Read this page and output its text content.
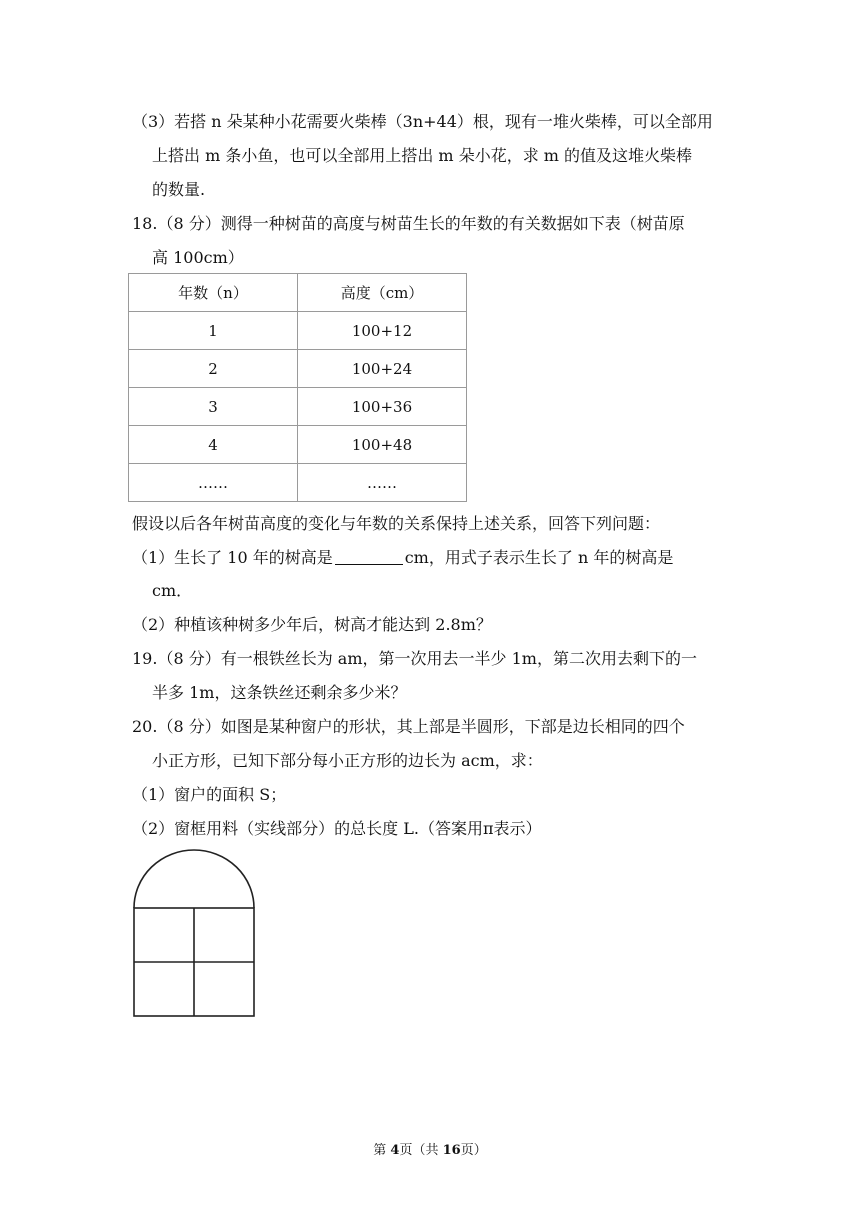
（3）若搭 n 朵某种小花需要火柴棒（3n+44）根，现有一堆火柴棒，可以全部用
上搭出 m 条小鱼，也可以全部用上搭出 m 朵小花，求 m 的值及这堆火柴棒
的数量.
18.（8 分）测得一种树苗的高度与树苗生长的年数的有关数据如下表（树苗原
高 100cm）
年数（n）	高度（cm）
1	100+12
2	100+24
3	100+36
4	100+48
……	……
假设以后各年树苗高度的变化与年数的关系保持上述关系，回答下列问题：
（1）生长了 10 年的树高是	cm，用式子表示生长了 n 年的树高是
cm．
（2）种植该种树多少年后，树高才能达到 2.8m？
19.（8 分）有一根铁丝长为 am，第一次用去一半少 1m，第二次用去剩下的一
半多 1m，这条铁丝还剩余多少米？
20.（8 分）如图是某种窗户的形状，其上部是半圆形，下部是边长相同的四个
小正方形，已知下部分每小正方形的边长为 acm，求：
（1）窗户的面积 S；
（2）窗框用料（实线部分）的总长度 L.（答案用π表示）
第 4页（共 16页）
